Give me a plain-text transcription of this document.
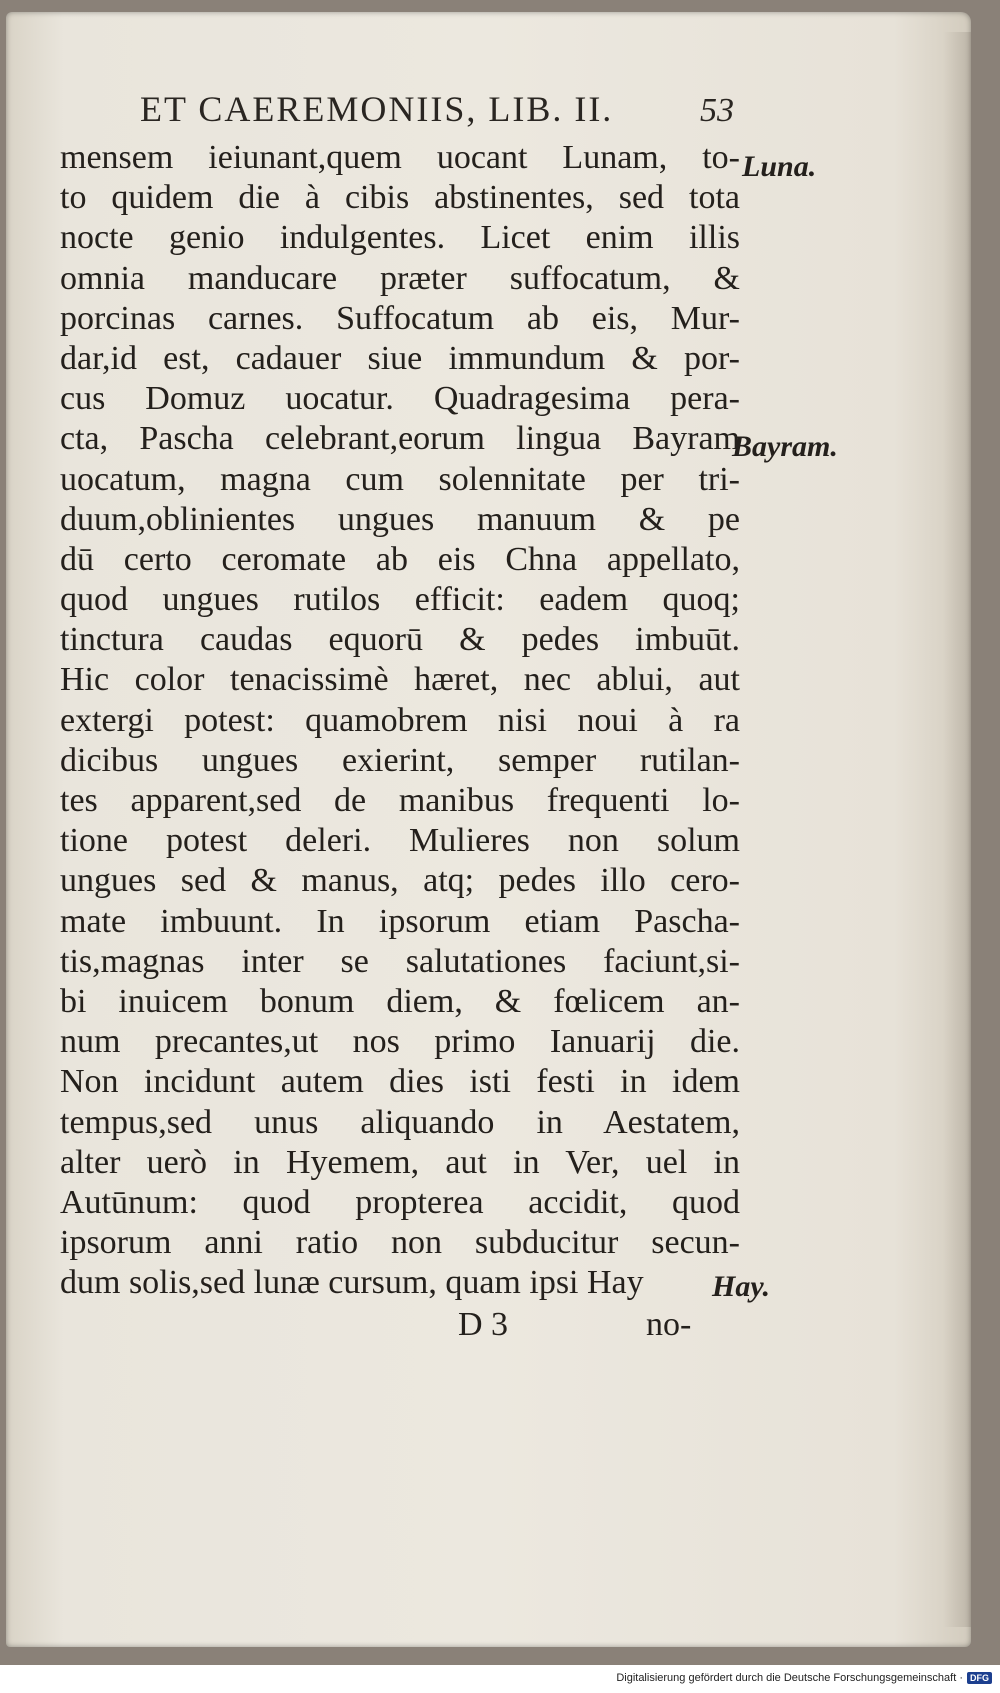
ET CAEREMONIIS, LIB. II.	53
mensem ieiunant,quem uocant Lunam, to-
to quidem die à cibis abstinentes, sed tota
nocte genio indulgentes. Licet enim illis
omnia manducare præter suffocatum, &
porcinas carnes. Suffocatum ab eis, Mur-
dar,id est, cadauer siue immundum & por-
cus Domuz uocatur. Quadragesima pera-
cta, Pascha celebrant,eorum lingua Bayram
uocatum, magna cum solennitate per tri-
duum,oblinientes ungues manuum & pe
dū certo ceromate ab eis Chna appellato,
quod ungues rutilos efficit: eadem quoq;
tinctura caudas equorū & pedes imbuūt.
Hic color tenacissimè hæret, nec ablui, aut
extergi potest: quamobrem nisi noui à ra
dicibus ungues exierint, semper rutilan-
tes apparent,sed de manibus frequenti lo-
tione potest deleri. Mulieres non solum
ungues sed & manus, atq; pedes illo cero-
mate imbuunt. In ipsorum etiam Pascha-
tis,magnas inter se salutationes faciunt,si-
bi inuicem bonum diem, & fœlicem an-
num precantes,ut nos primo Ianuarij die.
Non incidunt autem dies isti festi in idem
tempus,sed unus aliquando in Aestatem,
alter uerò in Hyemem, aut in Ver, uel in
Autūnum: quod propterea accidit, quod
ipsorum anni ratio non subducitur secun-
dum solis,sed lunæ cursum, quam ipsi Hay
Luna.
Bayram.
Hay.
D 3	no-
Digitalisierung gefördert durch die Deutsche Forschungsgemeinschaft · DFG
